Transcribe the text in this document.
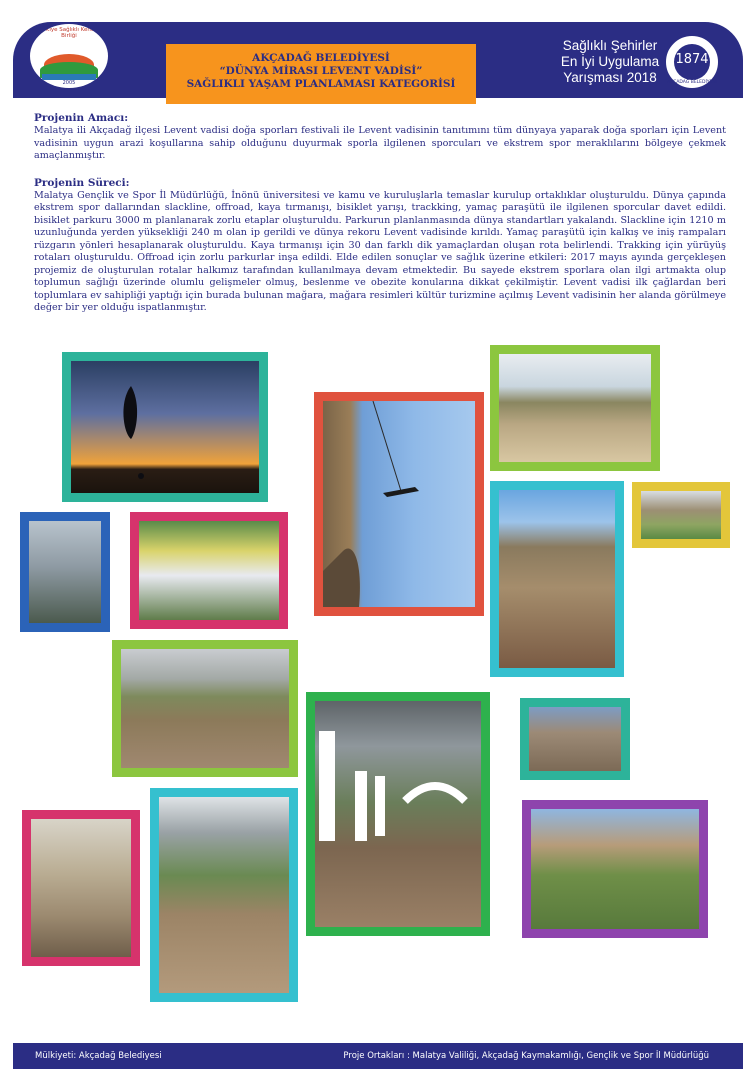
Türkiye Sağlıklı Kentler Birliği
2005
AKÇADAĞ BELEDİYESİ
“DÜNYA MİRASI LEVENT VADİSİ”
SAĞLIKLI YAŞAM PLANLAMASI KATEGORİSİ
Sağlıklı Şehirler
En İyi Uygulama
Yarışması 2018
1874
AKÇADAĞ BELEDİYESİ
Projenin Amacı:

Malatya ili Akçadağ ilçesi Levent vadisi doğa sporları festivali ile Levent vadisinin tanıtımını tüm dünyaya yaparak doğa sporları için Levent vadisinin uygun arazi koşullarına sahip olduğunu duyurmak sporla ilgilenen sporcuları ve ekstrem spor meraklılarını bölgeye çekmek amaçlanmıştır.

Projenin Süreci:

Malatya Gençlik ve Spor İl Müdürlüğü, İnönü üniversitesi ve kamu ve kuruluşlarla temaslar kurulup ortaklıklar oluşturuldu. Dünya çapında ekstrem spor dallarından slackline, offroad, kaya tırmanışı, bisiklet yarışı, trackking, yamaç paraşütü ile ilgilenen sporcular davet edildi. bisiklet parkuru 3000 m planlanarak zorlu etaplar oluşturuldu. Parkurun planlanmasında dünya standartları yakalandı. Slackline için 1210 m uzunluğunda yerden yüksekliği 240 m olan ip gerildi ve dünya rekoru Levent vadisinde kırıldı. Yamaç paraşütü için kalkış ve iniş rampaları rüzgarın yönleri hesaplanarak oluşturuldu. Kaya tırmanışı için 30 dan farklı dik yamaçlardan oluşan rota belirlendi. Trakking için yürüyüş rotaları oluşturuldu. Offroad için zorlu parkurlar inşa edildi. Elde edilen sonuçlar ve sağlık üzerine etkileri: 2017 mayıs ayında gerçekleşen projemiz de oluşturulan rotalar halkımız tarafından kullanılmaya devam etmektedir. Bu sayede ekstrem sporlara olan ilgi artmakta olup toplumun sağlığı üzerinde olumlu gelişmeler olmuş, beslenme ve obezite konularına dikkat çekilmiştir. Levent vadisi ilk çağlardan beri toplumlara ev sahipliği yaptığı için burada bulunan mağara, mağara resimleri kültür turizmine açılmış Levent vadisinin her alanda görülmeye değer bir yer olduğu ispatlanmıştır.

Mülkiyeti: Akçadağ Belediyesi	Proje Ortakları : Malatya Valiliği, Akçadağ Kaymakamlığı, Gençlik ve Spor İl Müdürlüğü
